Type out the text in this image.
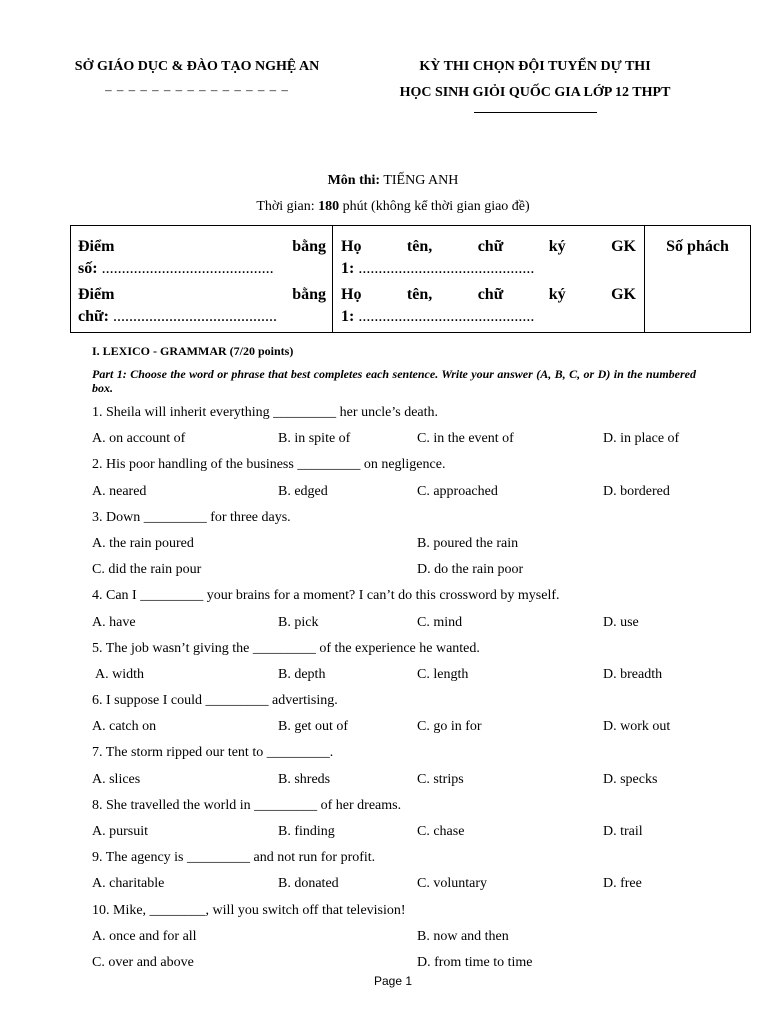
SỞ GIÁO DỤC & ĐÀO TẠO NGHỆ AN
– – – – – – – – – – – – – – – –
KỲ THI CHỌN ĐỘI TUYỂN DỰ THI
HỌC SINH GIỎI QUỐC GIA LỚP 12 THPT
Môn thi: TIẾNG ANH
Thời gian: 180 phút (không kể thời gian giao đề)
Điểm bằng
số: ...........................................
Điểm bằng
chữ: .........................................
Họ tên, chữ ký GK
1: ............................................
Họ tên, chữ ký GK
1: ............................................
Số phách
I. LEXICO - GRAMMAR (7/20 points)
Part 1: Choose the word or phrase that best completes each sentence. Write your answer (A, B, C, or D) in the numbered box.
1. Sheila will inherit everything _________ her uncle’s death.
A. on account of	B. in spite of	C. in the event of	D. in place of
2. His poor handling of the business _________ on negligence.
A. neared	B. edged	C. approached	D. bordered
3. Down _________ for three days.
A. the rain poured	B. poured the rain
C. did the rain pour	D. do the rain poor
4. Can I _________ your brains for a moment? I can’t do this crossword by myself.
A. have	B. pick	C. mind	D. use
5. The job wasn’t giving the _________ of the experience he wanted.
A. width	B. depth	C. length	D. breadth
6. I suppose I could _________ advertising.
A. catch on	B. get out of	C. go in for	D. work out
7. The storm ripped our tent to _________.
A. slices	B. shreds	C. strips	D. specks
8. She travelled the world in _________ of her dreams.
A. pursuit	B. finding	C. chase	D. trail
9. The agency is _________ and not run for profit.
A. charitable	B. donated	C. voluntary	D. free
10. Mike, ________, will you switch off that television!
A. once and for all	B. now and then
C. over and above	D. from time to time
Page 1
